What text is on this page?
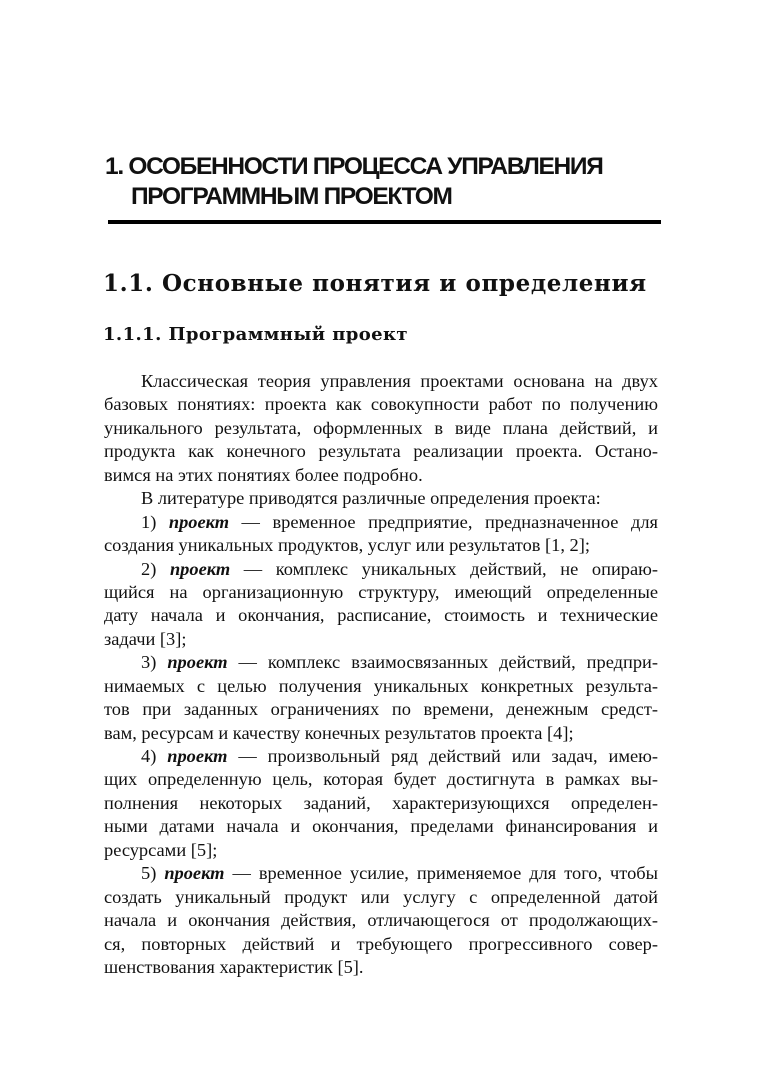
1. ОСОБЕННОСТИ ПРОЦЕССА УПРАВЛЕНИЯ
ПРОГРАММНЫМ ПРОЕКТОМ
1.1. Основные понятия и определения
1.1.1. Программный проект
Классическая теория управления проектами основана на двух
базовых понятиях: проекта как совокупности работ по получению
уникального результата, оформленных в виде плана действий, и
продукта как конечного результата реализации проекта. Остано-
вимся на этих понятиях более подробно.
В литературе приводятся различные определения проекта:
1) проект — временное предприятие, предназначенное для
создания уникальных продуктов, услуг или результатов [1, 2];
2) проект — комплекс уникальных действий, не опираю-
щийся на организационную структуру, имеющий определенные
дату начала и окончания, расписание, стоимость и технические
задачи [3];
3) проект — комплекс взаимосвязанных действий, предпри-
нимаемых с целью получения уникальных конкретных результа-
тов при заданных ограничениях по времени, денежным средст-
вам, ресурсам и качеству конечных результатов проекта [4];
4) проект — произвольный ряд действий или задач, имею-
щих определенную цель, которая будет достигнута в рамках вы-
полнения некоторых заданий, характеризующихся определен-
ными датами начала и окончания, пределами финансирования и
ресурсами [5];
5) проект — временное усилие, применяемое для того, чтобы
создать уникальный продукт или услугу с определенной датой
начала и окончания действия, отличающегося от продолжающих-
ся, повторных действий и требующего прогрессивного совер-
шенствования характеристик [5].
